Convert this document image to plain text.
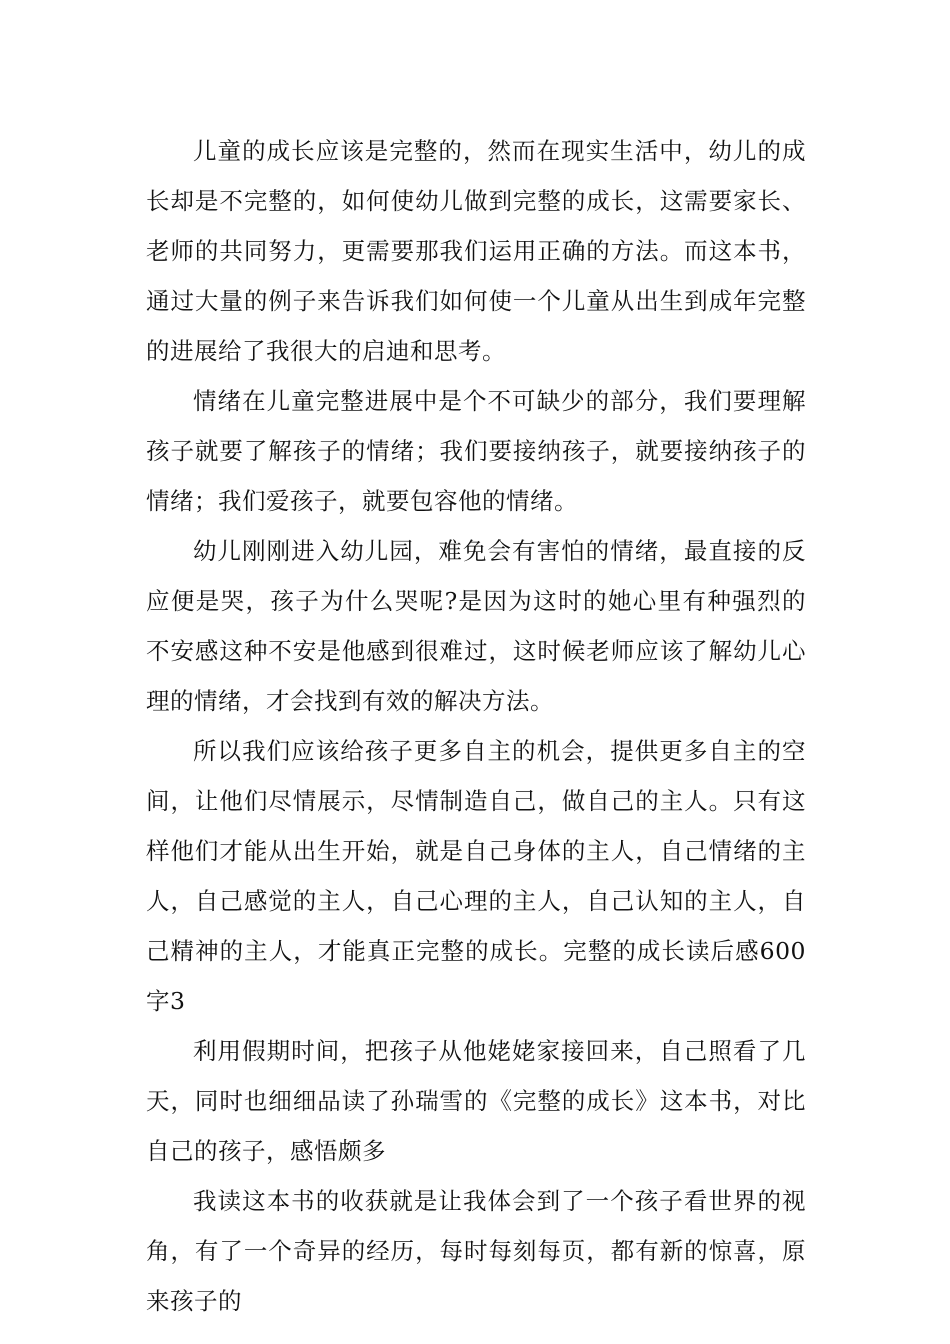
儿童的成长应该是完整的，然而在现实生活中，幼儿的成长却是不完整的，如何使幼儿做到完整的成长，这需要家长、老师的共同努力，更需要那我们运用正确的方法。而这本书，通过大量的例子来告诉我们如何使一个儿童从出生到成年完整的进展给了我很大的启迪和思考。

情绪在儿童完整进展中是个不可缺少的部分，我们要理解孩子就要了解孩子的情绪；我们要接纳孩子，就要接纳孩子的情绪；我们爱孩子，就要包容他的情绪。

幼儿刚刚进入幼儿园，难免会有害怕的情绪，最直接的反应便是哭，孩子为什么哭呢?是因为这时的她心里有种强烈的不安感这种不安是他感到很难过，这时候老师应该了解幼儿心理的情绪，才会找到有效的解决方法。

所以我们应该给孩子更多自主的机会，提供更多自主的空间，让他们尽情展示，尽情制造自己，做自己的主人。只有这样他们才能从出生开始，就是自己身体的主人，自己情绪的主人，自己感觉的主人，自己心理的主人，自己认知的主人，自己精神的主人，才能真正完整的成长。完整的成长读后感600字3

利用假期时间，把孩子从他姥姥家接回来，自己照看了几天，同时也细细品读了孙瑞雪的《完整的成长》这本书，对比自己的孩子，感悟颇多

我读这本书的收获就是让我体会到了一个孩子看世界的视角，有了一个奇异的经历，每时每刻每页，都有新的惊喜，原来孩子的
